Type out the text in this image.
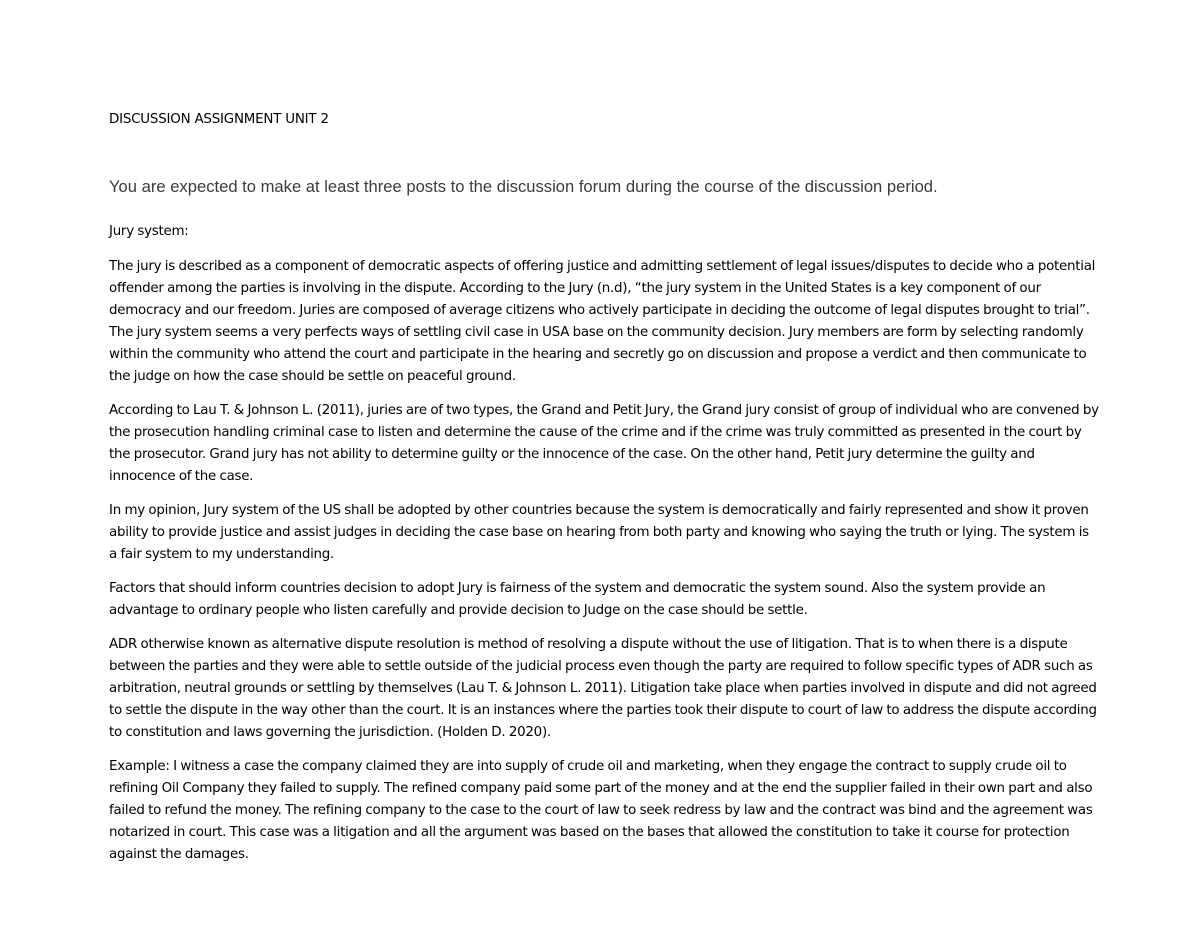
DISCUSSION ASSIGNMENT UNIT 2
You are expected to make at least three posts to the discussion forum during the course of the discussion period.

Jury system:

The jury is described as a component of democratic aspects of offering justice and admitting settlement of legal issues/disputes to decide who a potential offender among the parties is involving in the dispute. According to the Jury (n.d), “the jury system in the United States is a key component of our democracy and our freedom. Juries are composed of average citizens who actively participate in deciding the outcome of legal disputes brought to trial”. The jury system seems a very perfects ways of settling civil case in USA base on the community decision. Jury members are form by selecting randomly within the community who attend the court and participate in the hearing and secretly go on discussion and propose a verdict and then communicate to the judge on how the case should be settle on peaceful ground.

According to Lau T. & Johnson L. (2011), juries are of two types, the Grand and Petit Jury, the Grand jury consist of group of individual who are convened by the prosecution handling criminal case to listen and determine the cause of the crime and if the crime was truly committed as presented in the court by the prosecutor. Grand jury has not ability to determine guilty or the innocence of the case. On the other hand, Petit jury determine the guilty and innocence of the case.

In my opinion, Jury system of the US shall be adopted by other countries because the system is democratically and fairly represented and show it proven ability to provide justice and assist judges in deciding the case base on hearing from both party and knowing who saying the truth or lying. The system is a fair system to my understanding.

Factors that should inform countries decision to adopt Jury is fairness of the system and democratic the system sound. Also the system provide an advantage to ordinary people who listen carefully and provide decision to Judge on the case should be settle.

ADR otherwise known as alternative dispute resolution is method of resolving a dispute without the use of litigation. That is to when there is a dispute between the parties and they were able to settle outside of the judicial process even though the party are required to follow specific types of ADR such as arbitration, neutral grounds or settling by themselves (Lau T. & Johnson L. 2011). Litigation take place when parties involved in dispute and did not agreed to settle the dispute in the way other than the court. It is an instances where the parties took their dispute to court of law to address the dispute according to constitution and laws governing the jurisdiction. (Holden D. 2020).

Example: I witness a case the company claimed they are into supply of crude oil and marketing, when they engage the contract to supply crude oil to refining Oil Company they failed to supply. The refined company paid some part of the money and at the end the supplier failed in their own part and also failed to refund the money. The refining company to the case to the court of law to seek redress by law and the contract was bind and the agreement was notarized in court. This case was a litigation and all the argument was based on the bases that allowed the constitution to take it course for protection against the damages.
